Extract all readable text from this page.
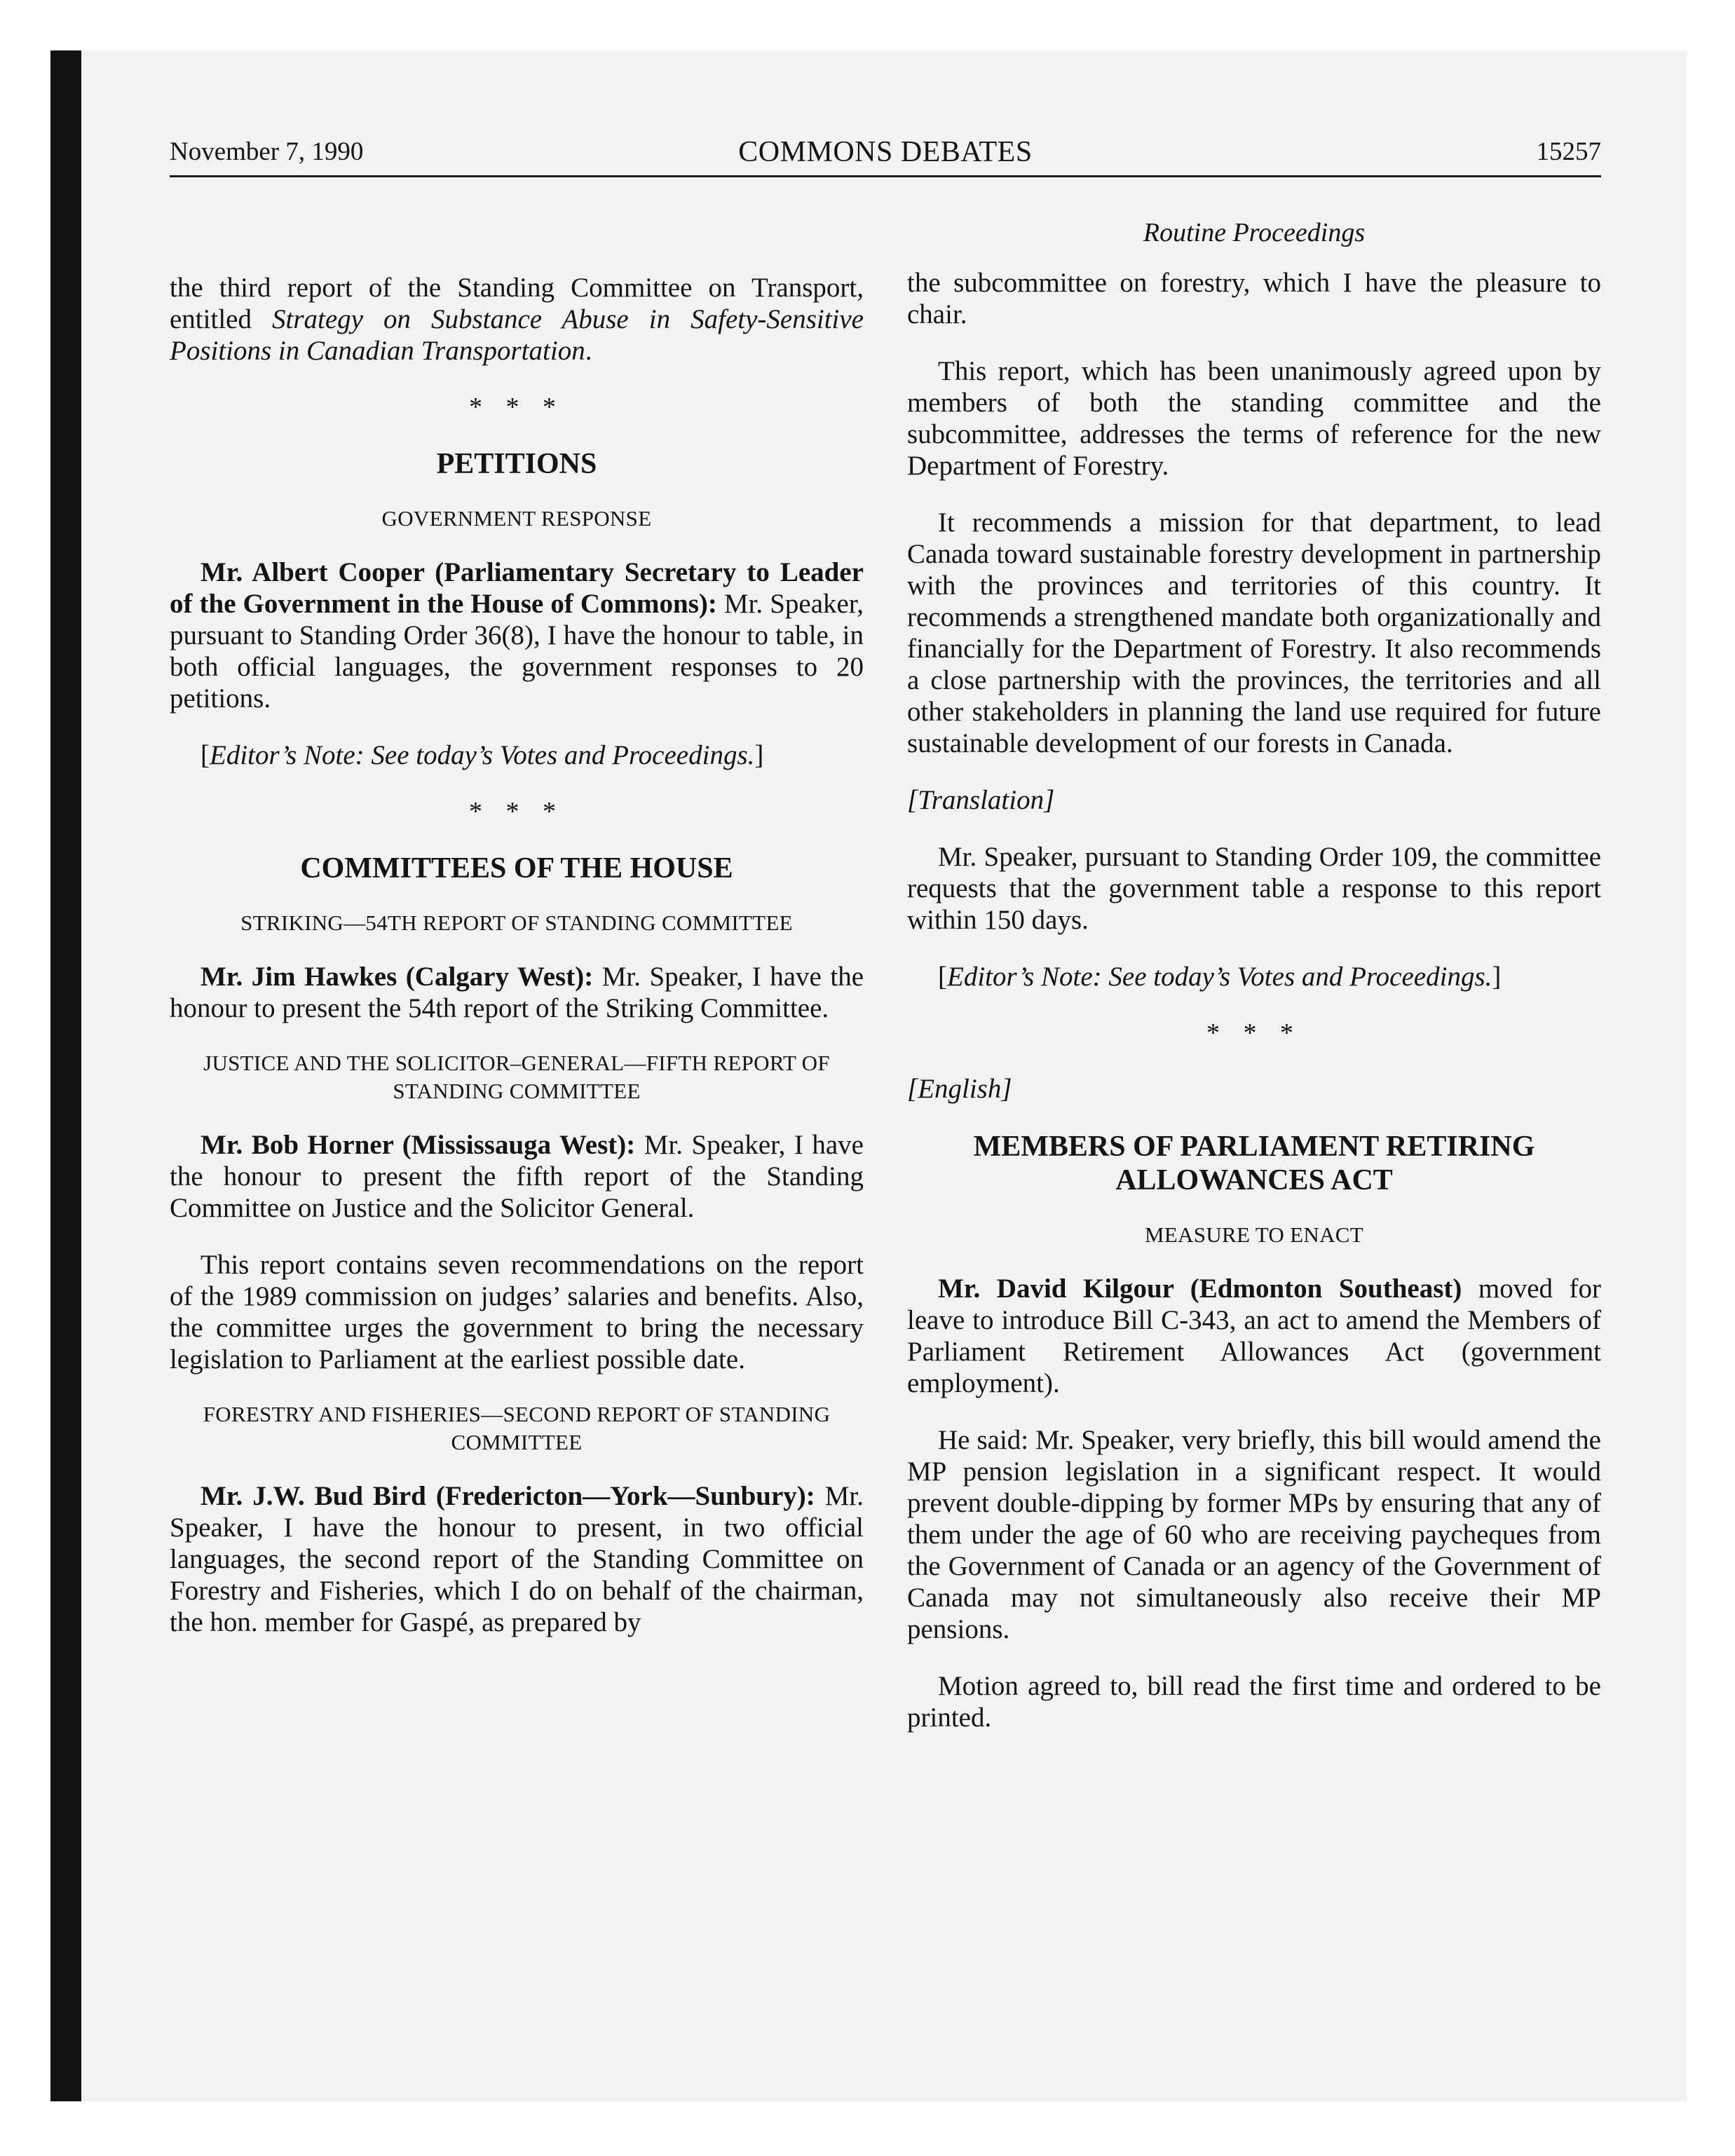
November 7, 1990	COMMONS DEBATES	15257

the third report of the Standing Committee on Transport, entitled Strategy on Substance Abuse in Safety-Sensitive Positions in Canadian Transportation.

* * *
PETITIONS
GOVERNMENT RESPONSE

Mr. Albert Cooper (Parliamentary Secretary to Leader of the Government in the House of Commons): Mr. Speaker, pursuant to Standing Order 36(8), I have the honour to table, in both official languages, the government responses to 20 petitions.

[Editor’s Note: See today’s Votes and Proceedings.]

* * *
COMMITTEES OF THE HOUSE
STRIKING—54TH REPORT OF STANDING COMMITTEE

Mr. Jim Hawkes (Calgary West): Mr. Speaker, I have the honour to present the 54th report of the Striking Committee.

JUSTICE AND THE SOLICITOR–GENERAL—FIFTH REPORT OF STANDING COMMITTEE

Mr. Bob Horner (Mississauga West): Mr. Speaker, I have the honour to present the fifth report of the Standing Committee on Justice and the Solicitor General.

This report contains seven recommendations on the report of the 1989 commission on judges’ salaries and benefits. Also, the committee urges the government to bring the necessary legislation to Parliament at the earliest possible date.

FORESTRY AND FISHERIES—SECOND REPORT OF STANDING COMMITTEE

Mr. J.W. Bud Bird (Fredericton—York—Sunbury): Mr. Speaker, I have the honour to present, in two official languages, the second report of the Standing Committee on Forestry and Fisheries, which I do on behalf of the chairman, the hon. member for Gaspé, as prepared by

Routine Proceedings

the subcommittee on forestry, which I have the pleasure to chair.

This report, which has been unanimously agreed upon by members of both the standing committee and the subcommittee, addresses the terms of reference for the new Department of Forestry.

It recommends a mission for that department, to lead Canada toward sustainable forestry development in partnership with the provinces and territories of this country. It recommends a strengthened mandate both organizationally and financially for the Department of Forestry. It also recommends a close partnership with the provinces, the territories and all other stakeholders in planning the land use required for future sustainable development of our forests in Canada.

[Translation]

Mr. Speaker, pursuant to Standing Order 109, the committee requests that the government table a response to this report within 150 days.

[Editor’s Note: See today’s Votes and Proceedings.]

* * *

[English]

MEMBERS OF PARLIAMENT RETIRING ALLOWANCES ACT
MEASURE TO ENACT

Mr. David Kilgour (Edmonton Southeast) moved for leave to introduce Bill C-343, an act to amend the Members of Parliament Retirement Allowances Act (government employment).

He said: Mr. Speaker, very briefly, this bill would amend the MP pension legislation in a significant respect. It would prevent double-dipping by former MPs by ensuring that any of them under the age of 60 who are receiving paycheques from the Government of Canada or an agency of the Government of Canada may not simultaneously also receive their MP pensions.

Motion agreed to, bill read the first time and ordered to be printed.
